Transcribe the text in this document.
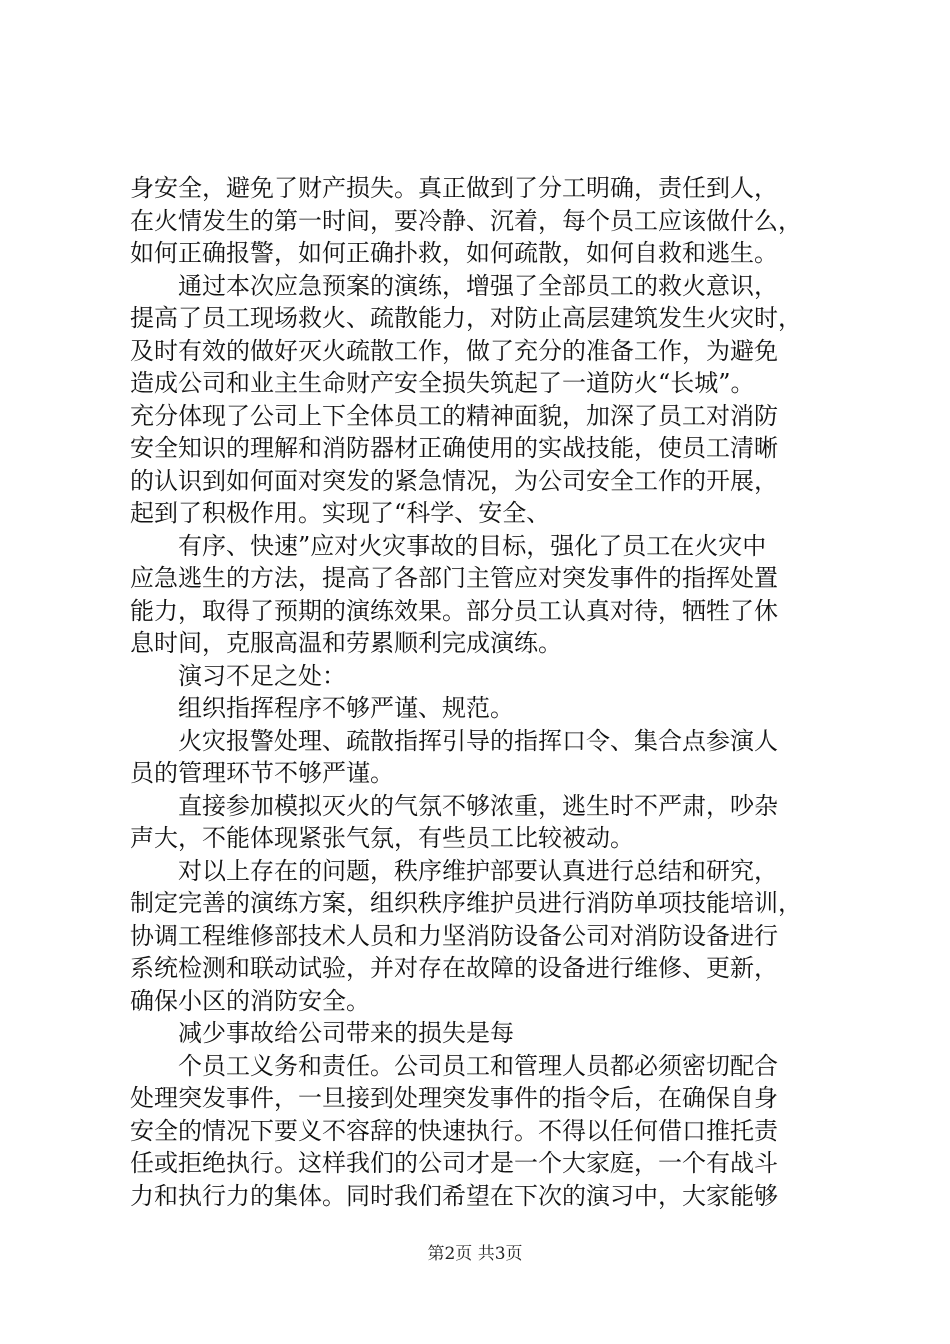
身安全，避免了财产损失。真正做到了分工明确，责任到人，
在火情发生的第一时间，要冷静、沉着，每个员工应该做什么，
如何正确报警，如何正确扑救，如何疏散，如何自救和逃生。
通过本次应急预案的演练，增强了全部员工的救火意识，
提高了员工现场救火、疏散能力，对防止高层建筑发生火灾时，
及时有效的做好灭火疏散工作，做了充分的准备工作，为避免
造成公司和业主生命财产安全损失筑起了一道防火“长城”。
充分体现了公司上下全体员工的精神面貌，加深了员工对消防
安全知识的理解和消防器材正确使用的实战技能，使员工清晰
的认识到如何面对突发的紧急情况，为公司安全工作的开展，
起到了积极作用。实现了“科学、安全、
有序、快速”应对火灾事故的目标，强化了员工在火灾中
应急逃生的方法，提高了各部门主管应对突发事件的指挥处置
能力，取得了预期的演练效果。部分员工认真对待，牺牲了休
息时间，克服高温和劳累顺利完成演练。
演习不足之处：
组织指挥程序不够严谨、规范。
火灾报警处理、疏散指挥引导的指挥口令、集合点参演人
员的管理环节不够严谨。
直接参加模拟灭火的气氛不够浓重，逃生时不严肃，吵杂
声大，不能体现紧张气氛，有些员工比较被动。
对以上存在的问题，秩序维护部要认真进行总结和研究，
制定完善的演练方案，组织秩序维护员进行消防单项技能培训，
协调工程维修部技术人员和力坚消防设备公司对消防设备进行
系统检测和联动试验，并对存在故障的设备进行维修、更新，
确保小区的消防安全。
减少事故给公司带来的损失是每
个员工义务和责任。公司员工和管理人员都必须密切配合
处理突发事件，一旦接到处理突发事件的指令后，在确保自身
安全的情况下要义不容辞的快速执行。不得以任何借口推托责
任或拒绝执行。这样我们的公司才是一个大家庭，一个有战斗
力和执行力的集体。同时我们希望在下次的演习中，大家能够
第2页 共3页
